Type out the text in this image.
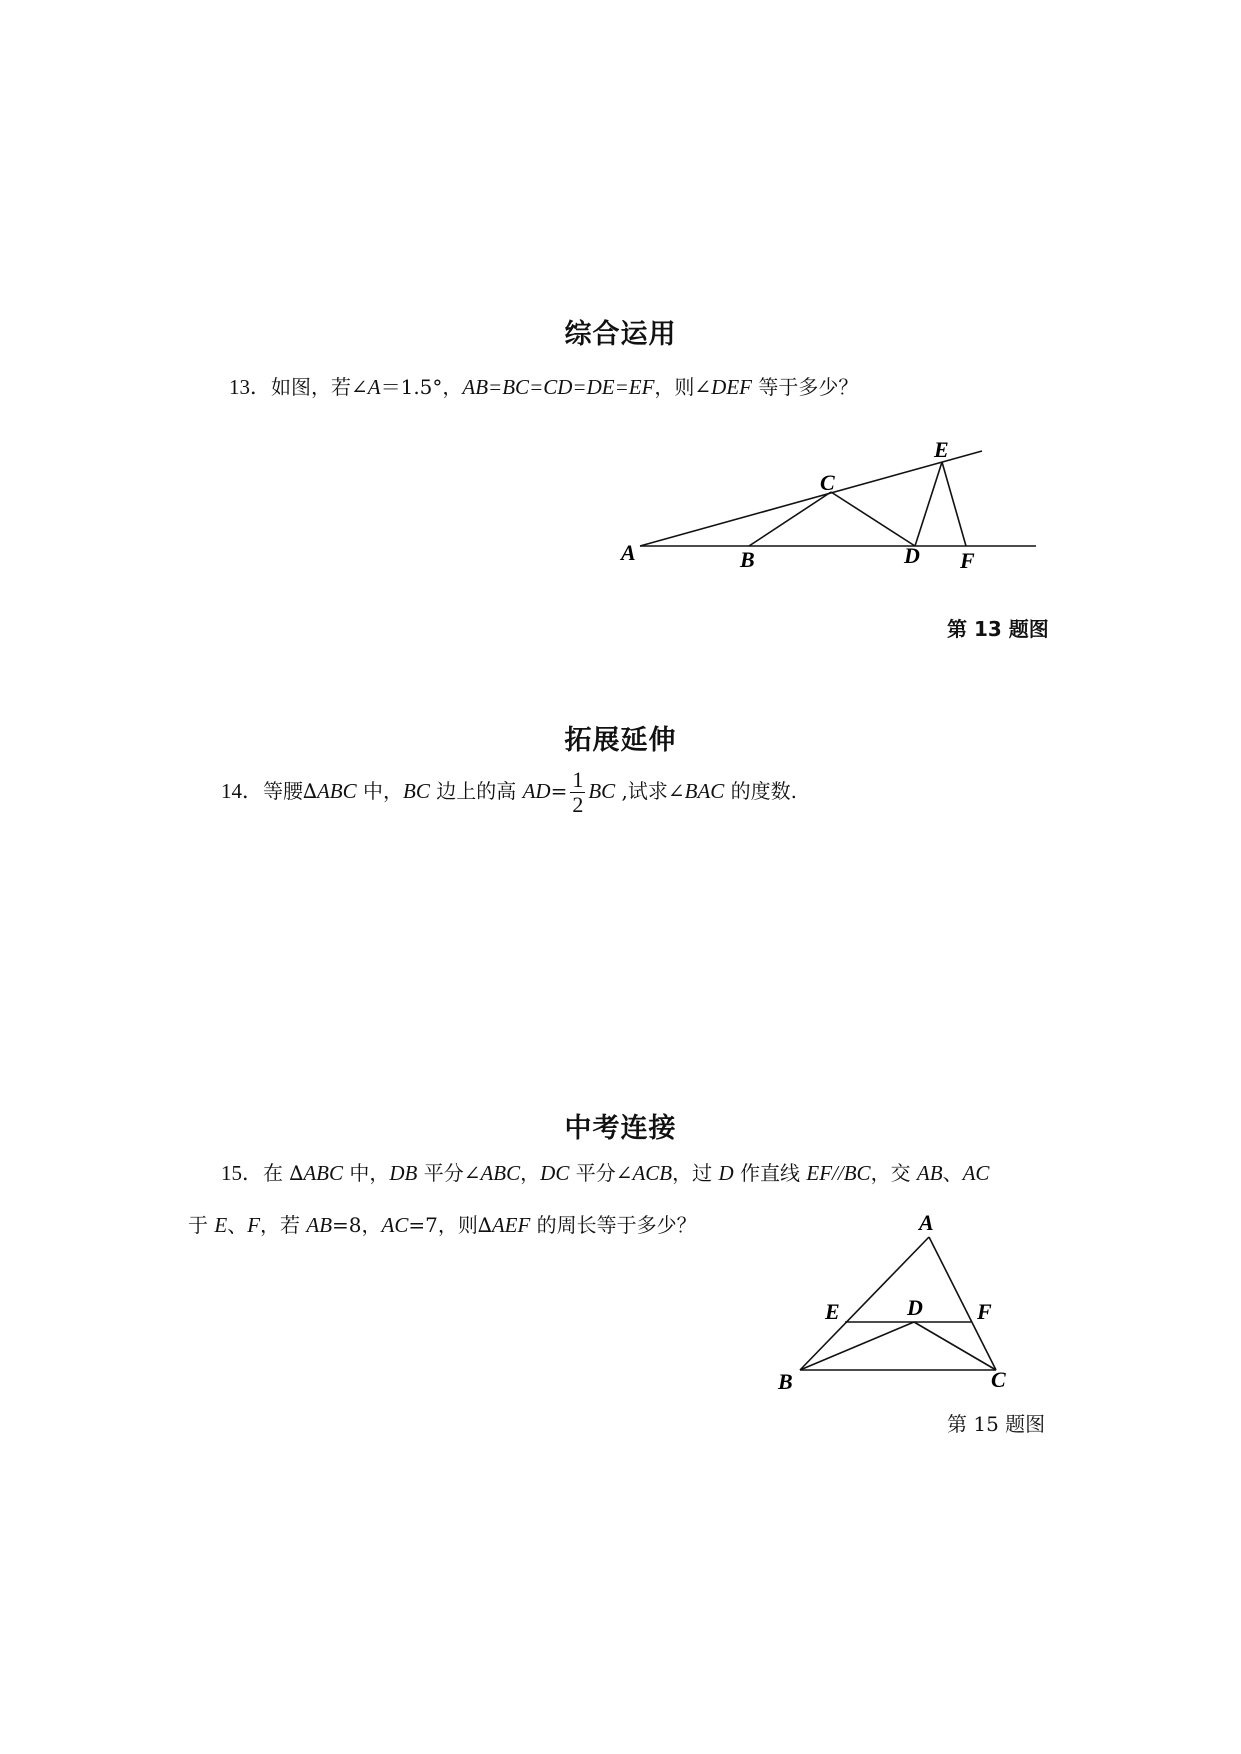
综合运用
拓展延伸
中考连接
13．如图，若∠A＝1.5°，AB=BC=CD=DE=EF，则∠DEF 等于多少？
A	B
C
D
E
F
A
E	D F
B	C
第 13 题图
14．等腰∆ABC 中，BC 边上的高 $AD= \frac{1}{2}$ BC ,试求∠BAC 的度数.
15．在 ∆ABC 中，DB 平分∠ABC，DC 平分∠ACB，过 D 作直线 EF//BC，交 AB、AC
于 E、F，若 AB=8，AC=7，则∆AEF 的周长等于多少？
第 15 题图
